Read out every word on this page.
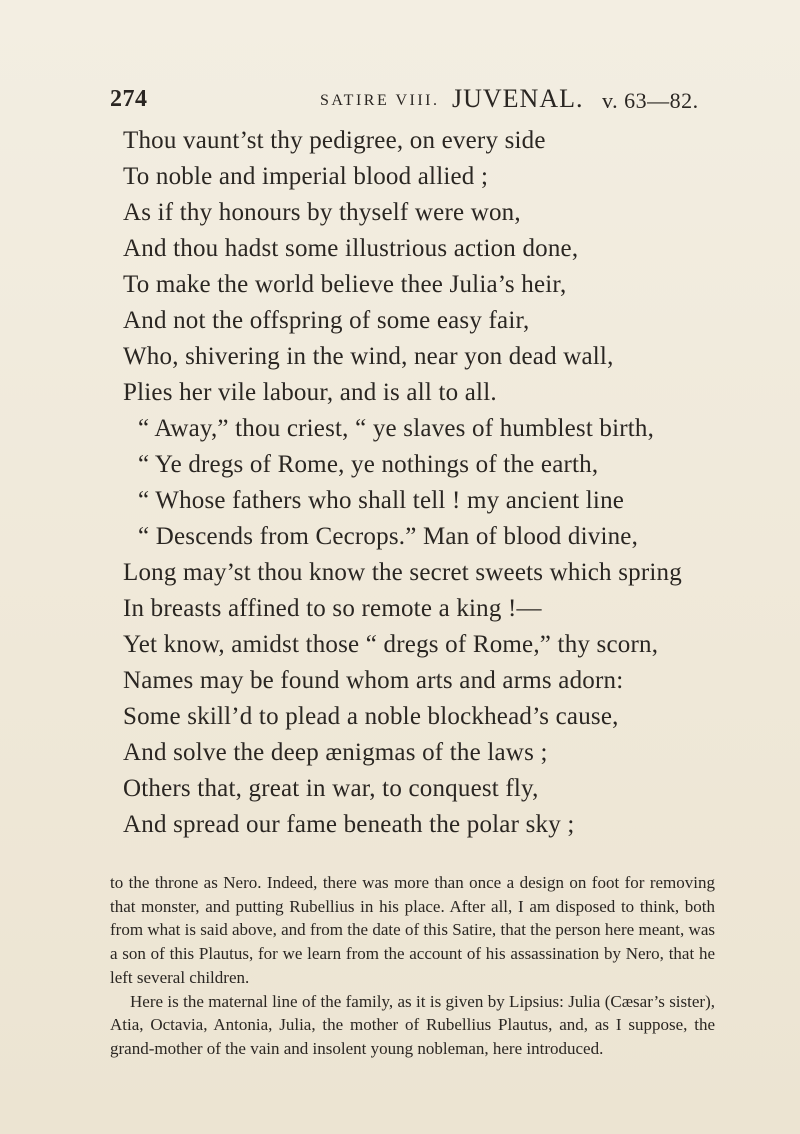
274	SATIRE VIII. JUVENAL. v. 63—82.
Thou vaunt’st thy pedigree, on every side
To noble and imperial blood allied ;
As if thy honours by thyself were won,
And thou hadst some illustrious action done,
To make the world believe thee Julia’s heir,
And not the offspring of some easy fair,
Who, shivering in the wind, near yon dead wall,
Plies her vile labour, and is all to all.
“ Away,” thou criest, “ ye slaves of humblest birth,
“ Ye dregs of Rome, ye nothings of the earth,
“ Whose fathers who shall tell ! my ancient line
“ Descends from Cecrops.” Man of blood divine,
Long may’st thou know the secret sweets which spring
In breasts affined to so remote a king !—
Yet know, amidst those “ dregs of Rome,” thy scorn,
Names may be found whom arts and arms adorn:
Some skill’d to plead a noble blockhead’s cause,
And solve the deep ænigmas of the laws ;
Others that, great in war, to conquest fly,
And spread our fame beneath the polar sky ;

to the throne as Nero. Indeed, there was more than once a design on foot for removing that monster, and putting Rubellius in his place. After all, I am disposed to think, both from what is said above, and from the date of this Satire, that the person here meant, was a son of this Plautus, for we learn from the account of his assassination by Nero, that he left several children.

Here is the maternal line of the family, as it is given by Lipsius: Julia (Cæsar’s sister), Atia, Octavia, Antonia, Julia, the mother of Rubellius Plautus, and, as I suppose, the grand-mother of the vain and insolent young nobleman, here introduced.
